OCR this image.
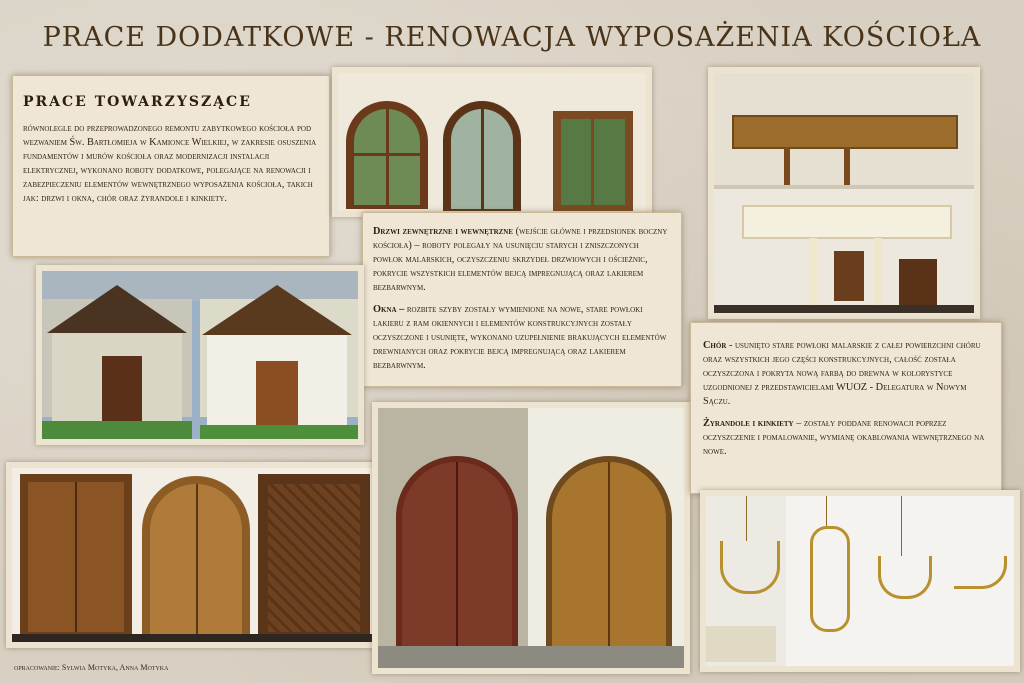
PRACE DODATKOWE - RENOWACJA WYPOSAŻENIA KOŚCIOŁA
PRACE TOWARZYSZĄCE
równolegle do przeprowadzonego remontu zabytkowego kościoła pod wezwaniem Św. Bartłomieja w Kamionce Wielkiej, w zakresie osuszenia fundamentów i murów kościoła oraz modernizacji instalacji elektrycznej, wykonano roboty dodatkowe, polegające na renowacji i zabezpieczeniu elementów wewnętrznego wyposażenia kościoła, takich jak: drzwi i okna, chór oraz żyrandole i kinkiety.
Drzwi zewnętrzne i wewnętrzne (wejście główne i przedsionek boczny kościoła) – roboty polegały na usunięciu starych i zniszczonych powłok malarskich, oczyszczeniu skrzydeł drzwiowych i ościeżnic, pokrycie wszystkich elementów bejcą impregnującą oraz lakierem bezbarwnym.
Okna – rozbite szyby zostały wymienione na nowe, stare powłoki lakieru z ram okiennych i elementów konstrukcyjnych zostały oczyszczone i usunięte, wykonano uzupełnienie brakujących elementów drewnianych oraz pokrycie bejcą impregnującą oraz lakierem bezbarwnym.
Chór - usunięto stare powłoki malarskie z całej powierzchni chóru oraz wszystkich jego części konstrukcyjnych, całość została oczyszczona i pokryta nową farbą do drewna w kolorystyce uzgodnionej z przedstawicielami WUOZ - Delegatura w Nowym Sączu.
Żyrandole i kinkiety – zostały poddane renowacji poprzez oczyszczenie i pomalowanie, wymianę okablowania wewnętrznego na nowe.
opracowanie: Sylwia Motyka, Anna Motyka
